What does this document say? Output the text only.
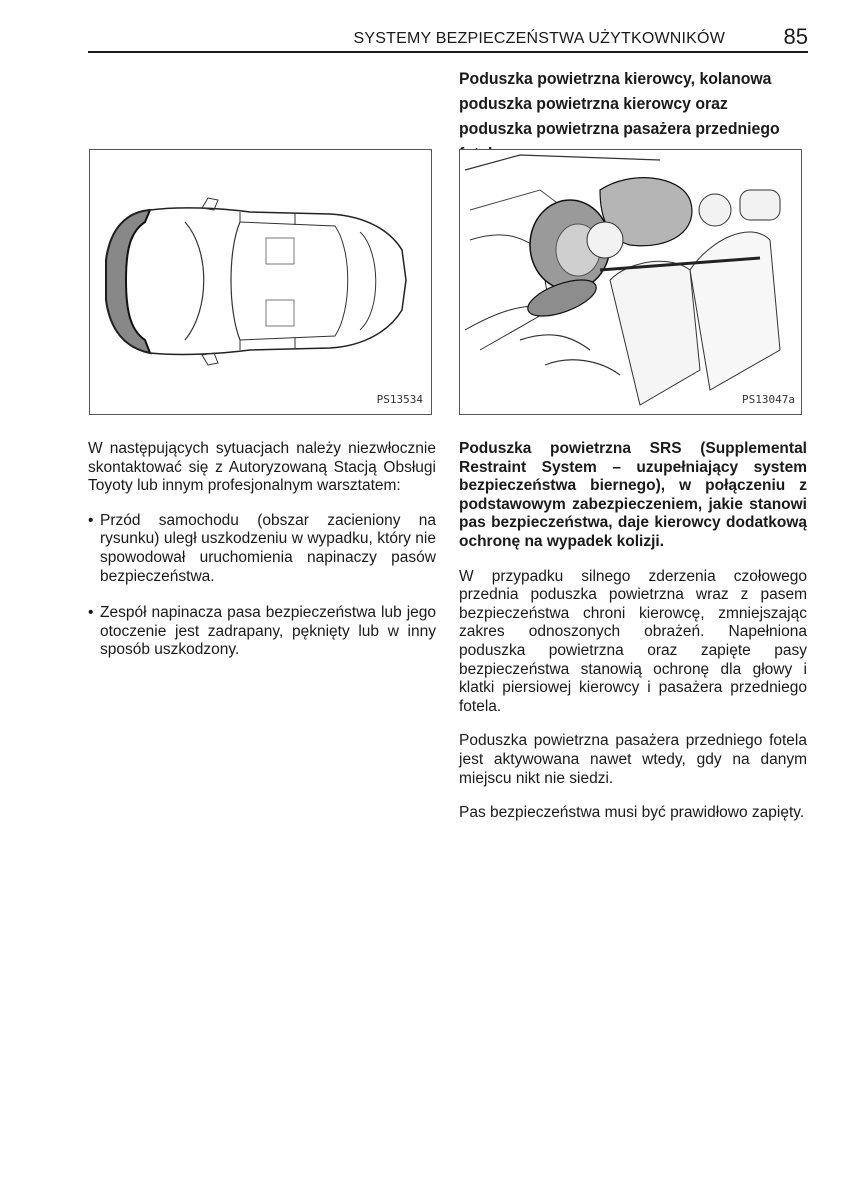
SYSTEMY BEZPIECZEŃSTWA UŻYTKOWNIKÓW	85
Poduszka powietrzna kierowcy, kolanowa poduszka powietrzna kierowcy oraz poduszka powietrzna pasażera przedniego
PS13534	PS13047a

W następujących sytuacjach należy niezwłocznie skontaktować się z Autoryzowaną Stacją Obsługi Toyoty lub innym profesjonalnym warsztatem:

• Przód samochodu (obszar zacieniony na rysunku) uległ uszkodzeniu w wypadku, który nie spowodował uruchomienia napinaczy pasów bezpieczeństwa.
• Zespół napinacza pasa bezpieczeństwa lub jego otoczenie jest zadrapany, pęknięty lub w inny sposób uszkodzony.

Poduszka powietrzna SRS (Supplemental Restraint System – uzupełniający system bezpieczeństwa biernego), w połączeniu z podstawowym zabezpieczeniem, jakie stanowi pas bezpieczeństwa, daje kierowcy dodatkową ochronę na wypadek kolizji.

W przypadku silnego zderzenia czołowego przednia poduszka powietrzna wraz z pasem bezpieczeństwa chroni kierowcę, zmniejszając zakres odnoszonych obrażeń. Napełniona poduszka powietrzna oraz zapięte pasy bezpieczeństwa stanowią ochronę dla głowy i klatki piersiowej kierowcy i pasażera przedniego fotela.

Poduszka powietrzna pasażera przedniego fotela jest aktywowana nawet wtedy, gdy na danym miejscu nikt nie siedzi.

Pas bezpieczeństwa musi być prawidłowo zapięty.
